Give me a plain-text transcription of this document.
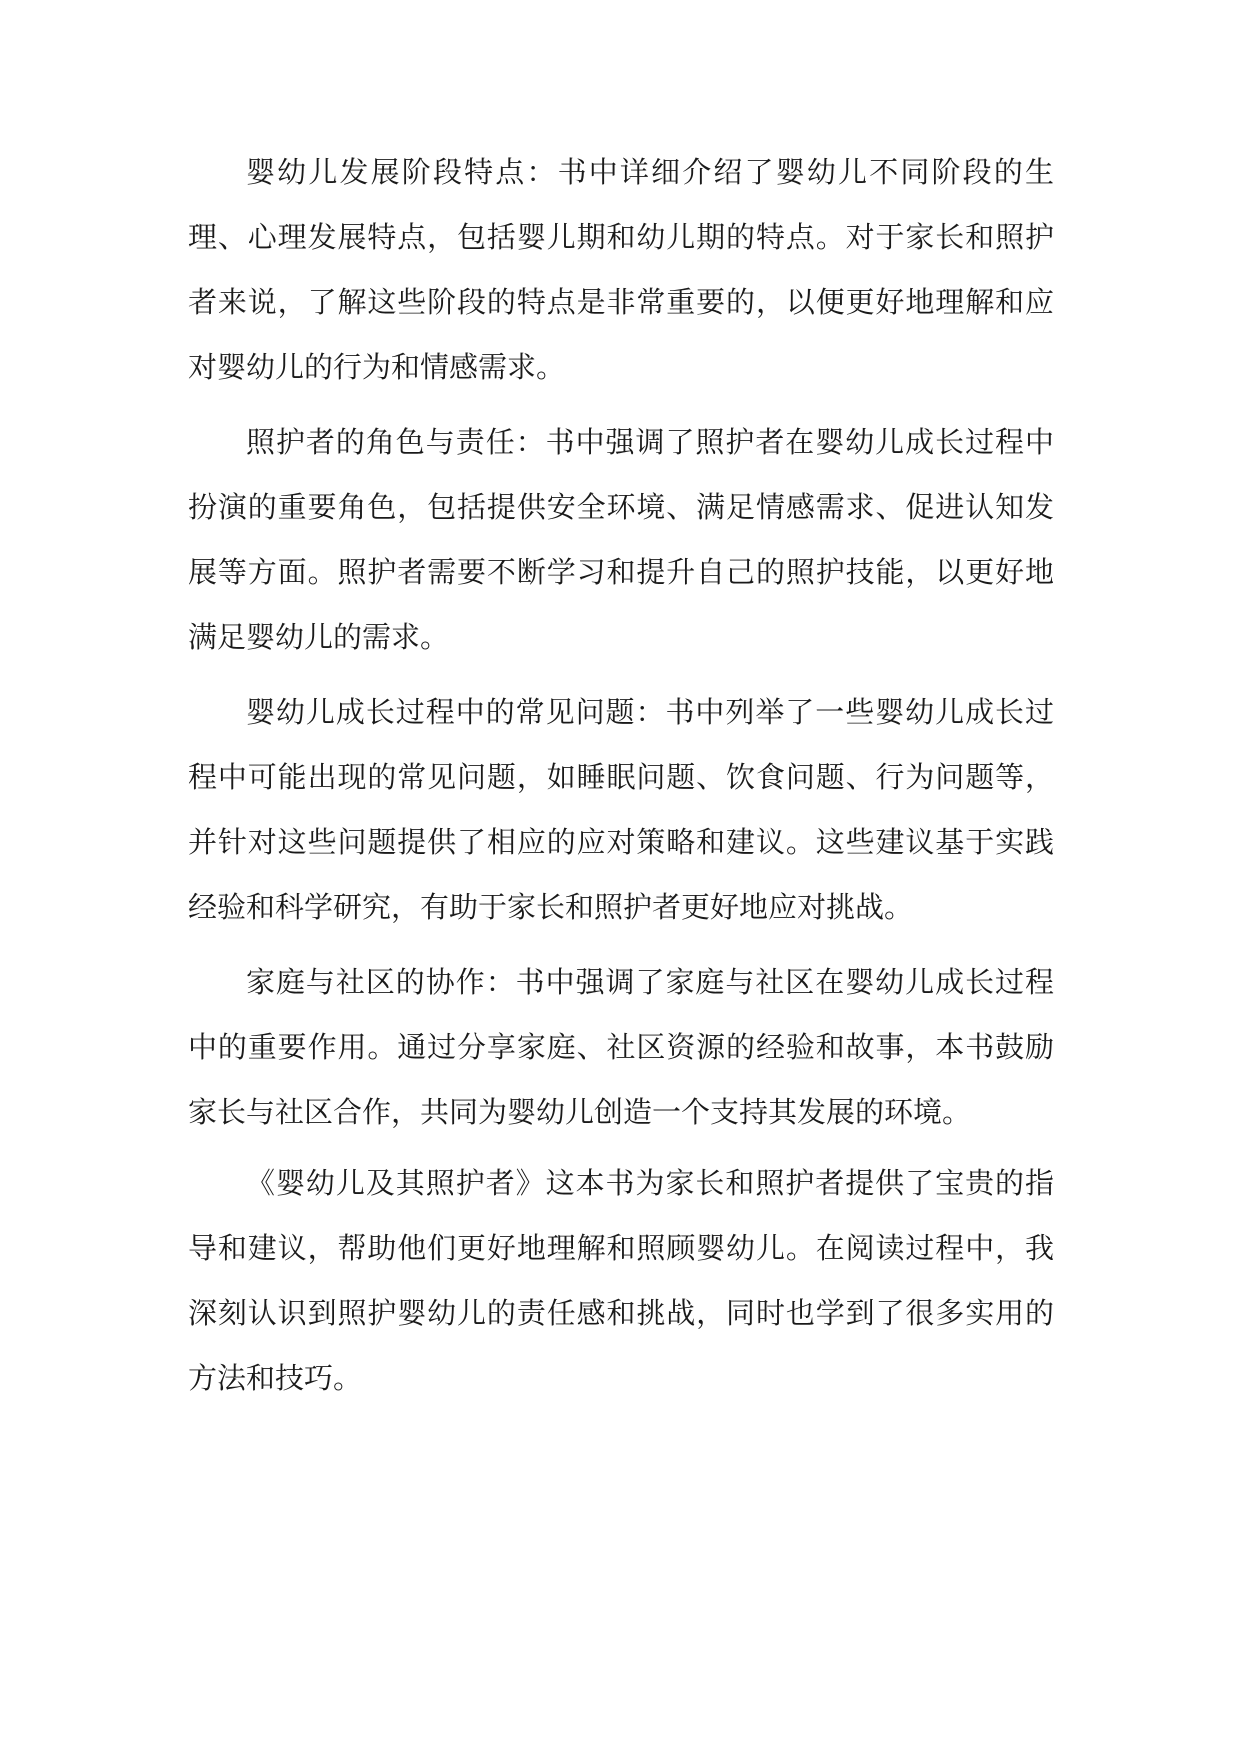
婴幼儿发展阶段特点：书中详细介绍了婴幼儿不同阶段的生理、心理发展特点，包括婴儿期和幼儿期的特点。对于家长和照护者来说，了解这些阶段的特点是非常重要的，以便更好地理解和应对婴幼儿的行为和情感需求。

照护者的角色与责任：书中强调了照护者在婴幼儿成长过程中扮演的重要角色，包括提供安全环境、满足情感需求、促进认知发展等方面。照护者需要不断学习和提升自己的照护技能，以更好地满足婴幼儿的需求。

婴幼儿成长过程中的常见问题：书中列举了一些婴幼儿成长过程中可能出现的常见问题，如睡眠问题、饮食问题、行为问题等，并针对这些问题提供了相应的应对策略和建议。这些建议基于实践经验和科学研究，有助于家长和照护者更好地应对挑战。

家庭与社区的协作：书中强调了家庭与社区在婴幼儿成长过程中的重要作用。通过分享家庭、社区资源的经验和故事，本书鼓励家长与社区合作，共同为婴幼儿创造一个支持其发展的环境。

《婴幼儿及其照护者》这本书为家长和照护者提供了宝贵的指导和建议，帮助他们更好地理解和照顾婴幼儿。在阅读过程中，我深刻认识到照护婴幼儿的责任感和挑战，同时也学到了很多实用的方法和技巧。
